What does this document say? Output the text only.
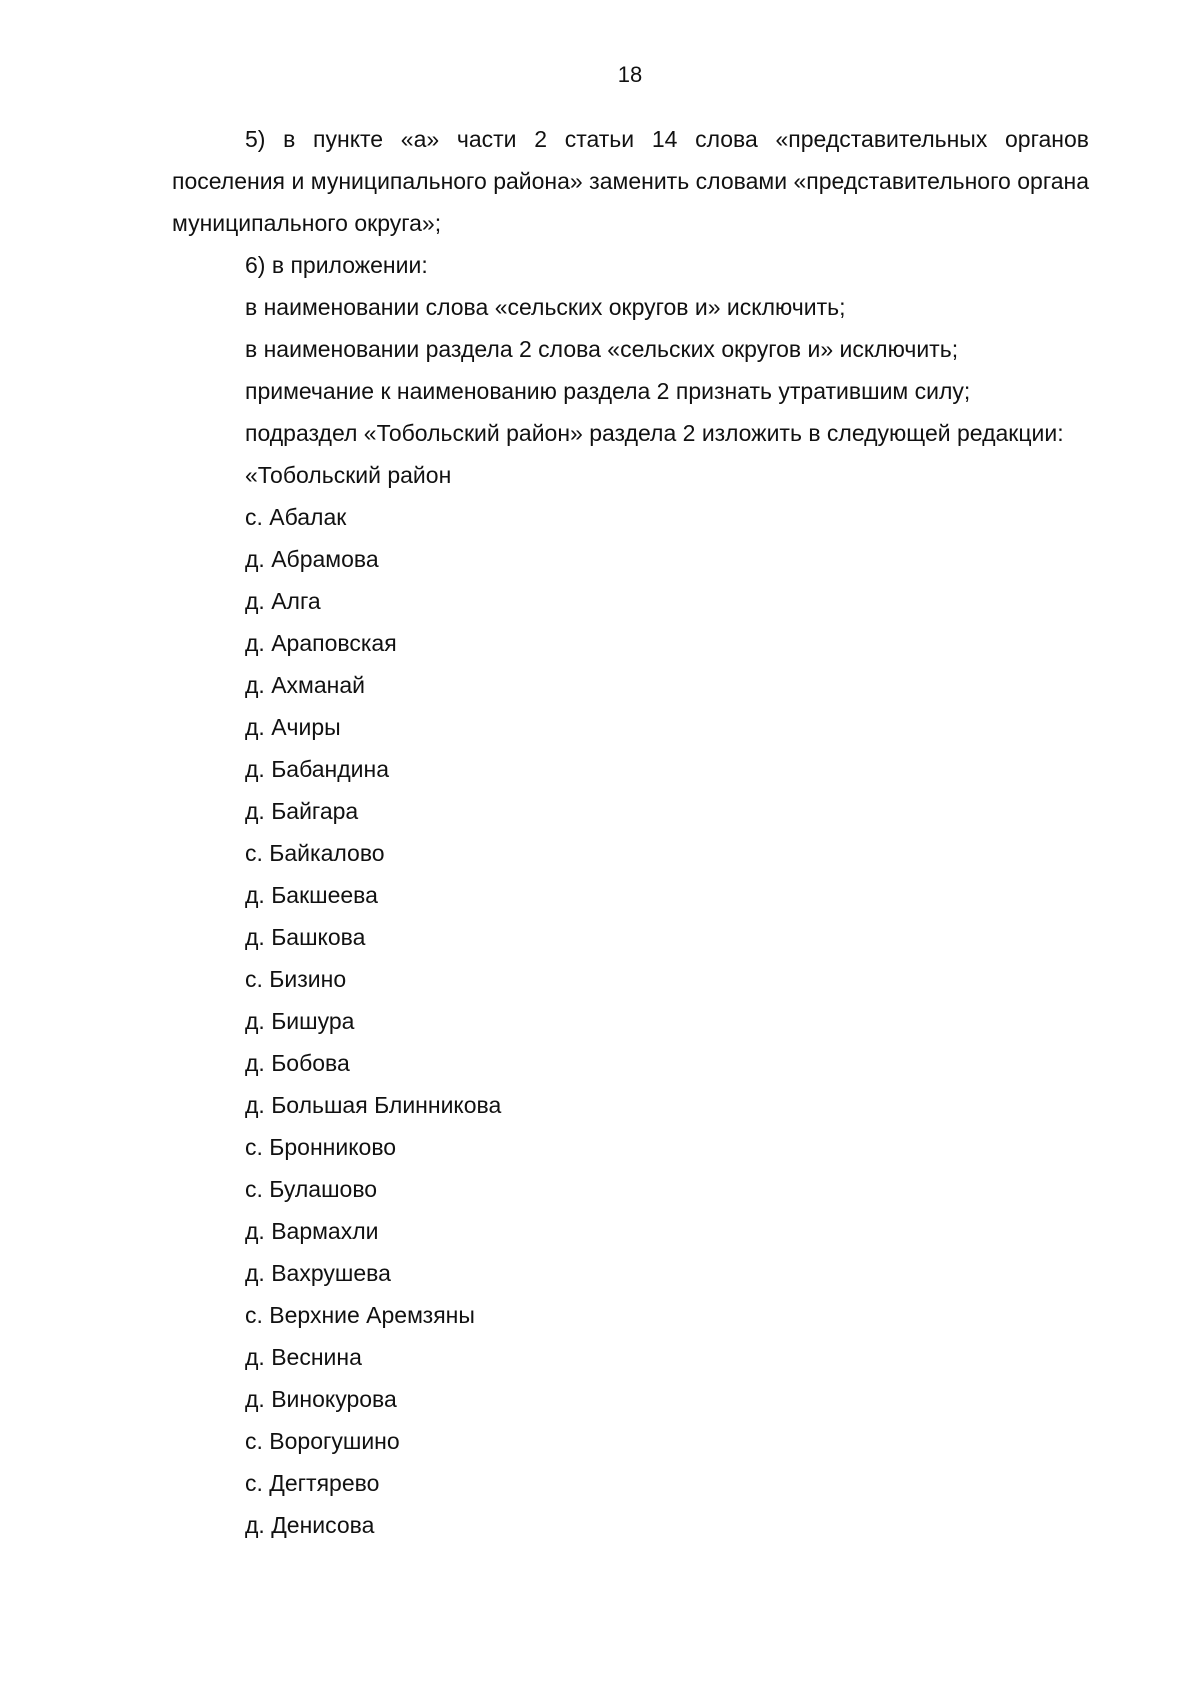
18

5) в пункте «а» части 2 статьи 14 слова «представительных органов поселения и муниципального района» заменить словами «представительного органа муниципального округа»;

6) в приложении:

в наименовании слова «сельских округов и» исключить;

в наименовании раздела 2 слова «сельских округов и» исключить;

примечание к наименованию раздела 2 признать утратившим силу;

подраздел «Тобольский район» раздела 2 изложить в следующей редакции:

«Тобольский район

с. Абалак
д. Абрамова
д. Алга
д. Араповская
д. Ахманай
д. Ачиры
д. Бабандина
д. Байгара
с. Байкалово
д. Бакшеева
д. Башкова
с. Бизино
д. Бишура
д. Бобова
д. Большая Блинникова
с. Бронниково
с. Булашово
д. Вармахли
д. Вахрушева
с. Верхние Аремзяны
д. Веснина
д. Винокурова
с. Ворогушино
с. Дегтярево
д. Денисова
